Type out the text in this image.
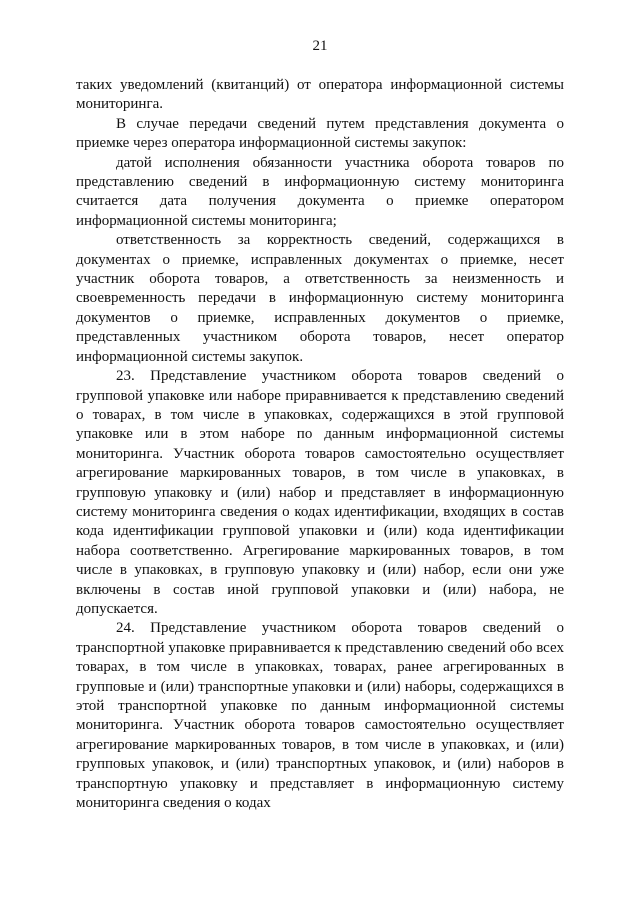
21

таких уведомлений (квитанций) от оператора информационной системы мониторинга.

В случае передачи сведений путем представления документа о приемке через оператора информационной системы закупок:

датой исполнения обязанности участника оборота товаров по представлению сведений в информационную систему мониторинга считается дата получения документа о приемке оператором информационной системы мониторинга;

ответственность за корректность сведений, содержащихся в документах о приемке, исправленных документах о приемке, несет участник оборота товаров, а ответственность за неизменность и своевременность передачи в информационную систему мониторинга документов о приемке, исправленных документов о приемке, представленных участником оборота товаров, несет оператор информационной системы закупок.

23. Представление участником оборота товаров сведений о групповой упаковке или наборе приравнивается к представлению сведений о товарах, в том числе в упаковках, содержащихся в этой групповой упаковке или в этом наборе по данным информационной системы мониторинга. Участник оборота товаров самостоятельно осуществляет агрегирование маркированных товаров, в том числе в упаковках, в групповую упаковку и (или) набор и представляет в информационную систему мониторинга сведения о кодах идентификации, входящих в состав кода идентификации групповой упаковки и (или) кода идентификации набора соответственно. Агрегирование маркированных товаров, в том числе в упаковках, в групповую упаковку и (или) набор, если они уже включены в состав иной групповой упаковки и (или) набора, не допускается.

24. Представление участником оборота товаров сведений о транспортной упаковке приравнивается к представлению сведений обо всех товарах, в том числе в упаковках, товарах, ранее агрегированных в групповые и (или) транспортные упаковки и (или) наборы, содержащихся в этой транспортной упаковке по данным информационной системы мониторинга. Участник оборота товаров самостоятельно осуществляет агрегирование маркированных товаров, в том числе в упаковках, и (или) групповых упаковок, и (или) транспортных упаковок, и (или) наборов в транспортную упаковку и представляет в информационную систему мониторинга сведения о кодах
